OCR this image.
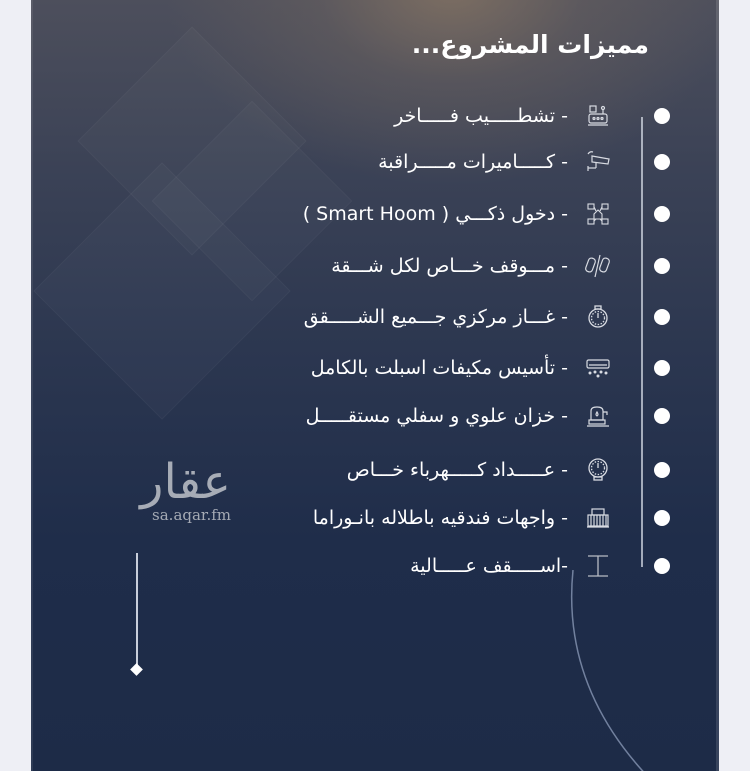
مميزات المشروع...
- تشطـــــيب فـــــاخر
- كـــــاميرات مـــــراقبة
- دخول ذكـــي ( Smart Hoom )
- مـــوقف خـــاص لكل شـــقة
- غـــاز مركزي جـــميع الشـــــقق
- تأسيس مكيفات اسبلت بالكامل
- خزان علوي و سفلي مستقـــــل
- عـــــداد كـــــهرباء خـــاص
- واجهات فندقيه باطلاله بانـوراما
-اســـــقف عـــــالية
عقار
sa.aqar.fm
